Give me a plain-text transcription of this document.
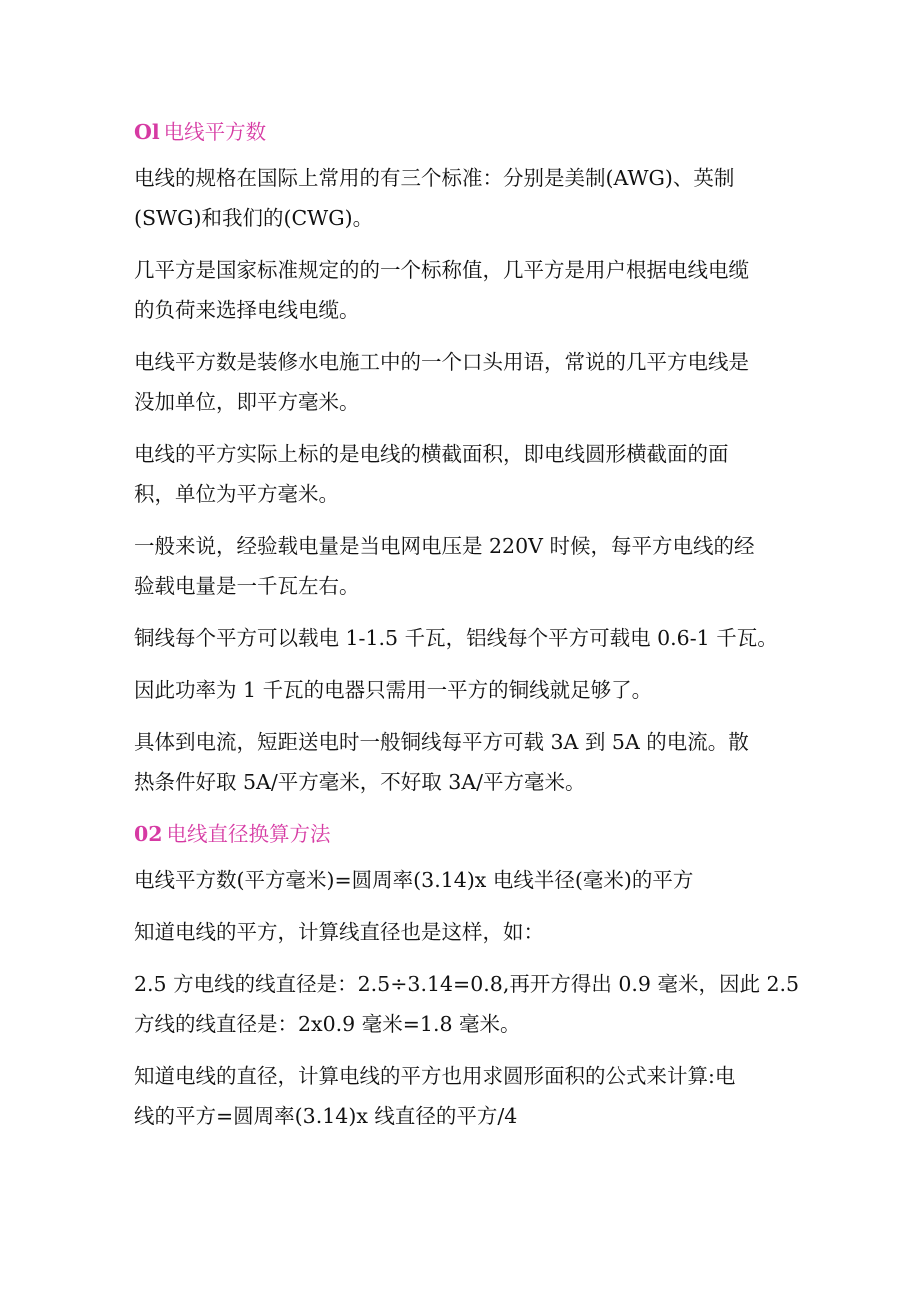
Ol 电线平方数
电线的规格在国际上常用的有三个标准：分别是美制(AWG)、英制
(SWG)和我们的(CWG)。
几平方是国家标准规定的的一个标称值，几平方是用户根据电线电缆
的负荷来选择电线电缆。
电线平方数是装修水电施工中的一个口头用语，常说的几平方电线是
没加单位，即平方毫米。
电线的平方实际上标的是电线的横截面积，即电线圆形横截面的面
积，单位为平方毫米。
一般来说，经验载电量是当电网电压是 220V 时候，每平方电线的经
验载电量是一千瓦左右。
铜线每个平方可以载电 1-1.5 千瓦，铝线每个平方可载电 0.6-1 千瓦。
因此功率为 1 千瓦的电器只需用一平方的铜线就足够了。
具体到电流，短距送电时一般铜线每平方可载 3A 到 5A 的电流。散
热条件好取 5A/平方毫米，不好取 3A/平方毫米。
02 电线直径换算方法
电线平方数(平方毫米)=圆周率(3.14)x 电线半径(毫米)的平方
知道电线的平方，计算线直径也是这样，如：
2.5 方电线的线直径是：2.5÷3.14=0.8,再开方得出 0.9 毫米，因此 2.5
方线的线直径是：2x0.9 毫米=1.8 毫米。
知道电线的直径，计算电线的平方也用求圆形面积的公式来计算:电
线的平方=圆周率(3.14)x 线直径的平方/4
